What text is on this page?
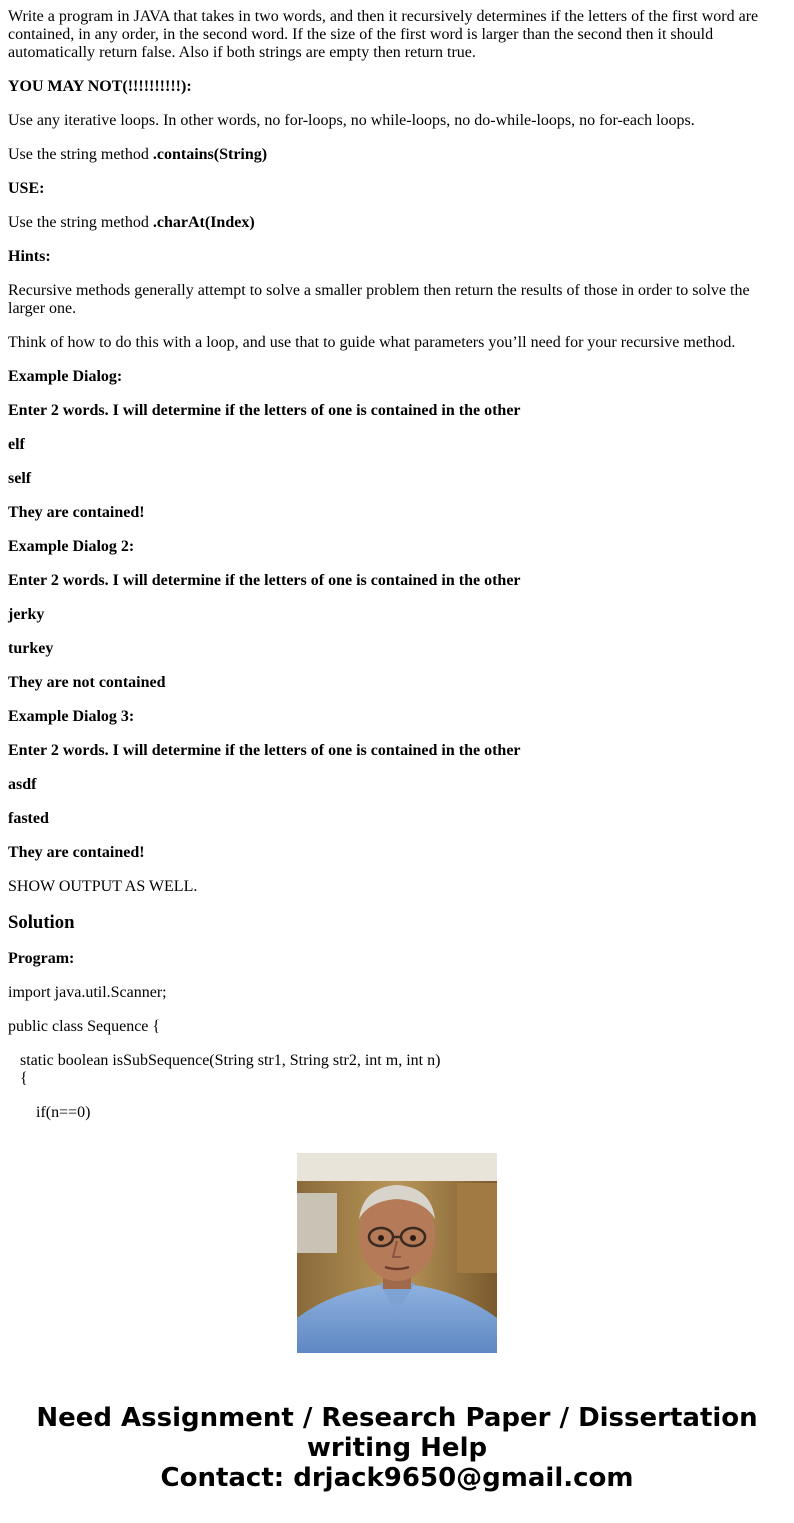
Write a program in JAVA that takes in two words, and then it recursively determines if the letters of the first word are contained, in any order, in the second word. If the size of the first word is larger than the second then it should automatically return false. Also if both strings are empty then return true.

YOU MAY NOT(!!!!!!!!!!):

Use any iterative loops. In other words, no for-loops, no while-loops, no do-while-loops, no for-each loops.

Use the string method .contains(String)

USE:

Use the string method .charAt(Index)

Hints:

Recursive methods generally attempt to solve a smaller problem then return the results of those in order to solve the larger one.

Think of how to do this with a loop, and use that to guide what parameters you’ll need for your recursive method.

Example Dialog:

Enter 2 words. I will determine if the letters of one is contained in the other

elf

self

They are contained!

Example Dialog 2:

Enter 2 words. I will determine if the letters of one is contained in the other

jerky

turkey

They are not contained

Example Dialog 3:

Enter 2 words. I will determine if the letters of one is contained in the other

asdf

fasted

They are contained!

SHOW OUTPUT AS WELL.

Solution

Program:

import java.util.Scanner;

public class Sequence {

static boolean isSubSequence(String str1, String str2, int m, int n)

{

if(n==0)

Need Assignment / Research Paper / Dissertation
writing Help
Contact: drjack9650@gmail.com
